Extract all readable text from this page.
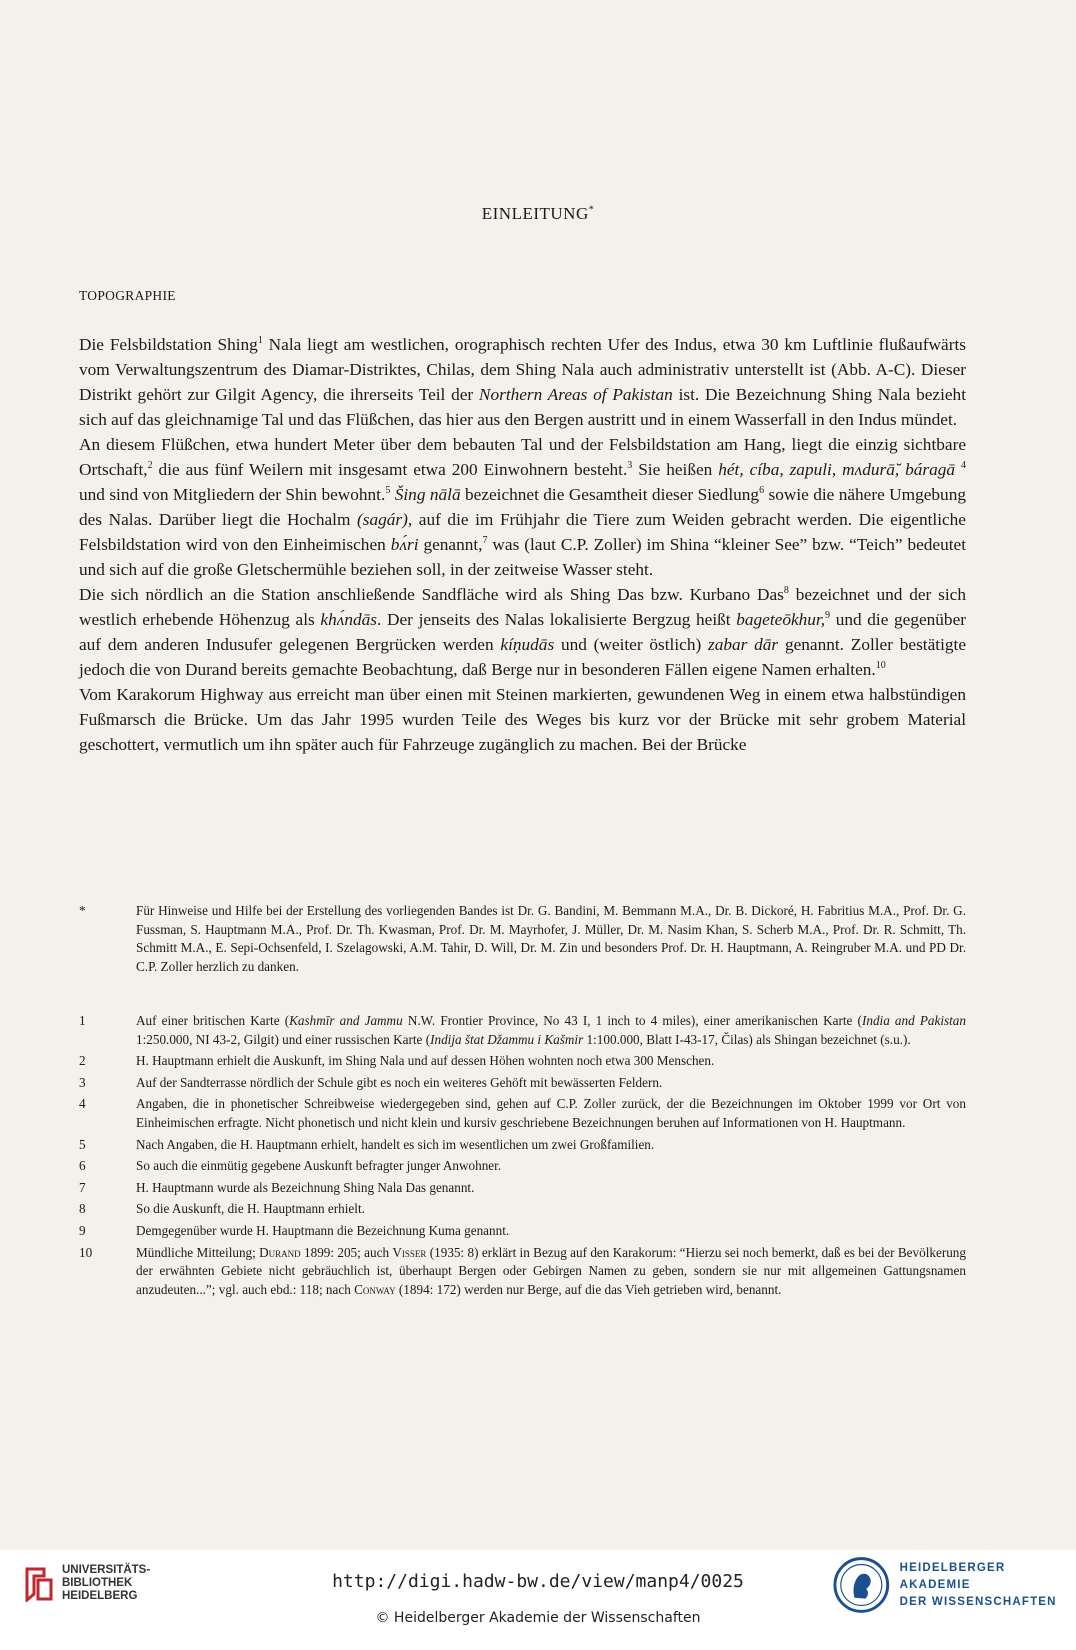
EINLEITUNG*
TOPOGRAPHIE

Die Felsbildstation Shing$^1$ Nala liegt am westlichen, orographisch rechten Ufer des Indus, etwa 30 km Luftlinie flußaufwärts vom Verwaltungszentrum des Diamar-Distriktes, Chilas, dem Shing Nala auch administrativ unterstellt ist (Abb. A-C). Dieser Distrikt gehört zur Gilgit Agency, die ihrerseits Teil der Northern Areas of Pakistan ist. Die Bezeichnung Shing Nala bezieht sich auf das gleichnamige Tal und das Flüßchen, das hier aus den Bergen austritt und in einem Wasserfall in den Indus mündet.

An diesem Flüßchen, etwa hundert Meter über dem bebauten Tal und der Felsbildstation am Hang, liegt die einzig sichtbare Ortschaft,$^2$ die aus fünf Weilern mit insgesamt etwa 200 Einwohnern besteht.$^3$ Sie heißen hét, cíba, zapuli, mʌdurā̆, báragā $^4$ und sind von Mitgliedern der Shin bewohnt.$^5$ Šing nālā bezeichnet die Gesamtheit dieser Siedlung$^6$ sowie die nähere Umgebung des Nalas. Darüber liegt die Hochalm (sagár), auf die im Frühjahr die Tiere zum Weiden gebracht werden. Die eigentliche Felsbildstation wird von den Einheimischen bʌ́ri genannt,$^7$ was (laut C.P. Zoller) im Shina “kleiner See” bzw. “Teich” bedeutet und sich auf die große Gletschermühle beziehen soll, in der zeitweise Wasser steht.

Die sich nördlich an die Station anschließende Sandfläche wird als Shing Das bzw. Kurbano Das$^8$ bezeichnet und der sich westlich erhebende Höhenzug als khʌ́ndās. Der jenseits des Nalas lokalisierte Bergzug heißt bageteōkhur,$^9$ und die gegenüber auf dem anderen Indusufer gelegenen Bergrücken werden kíṇudās und (weiter östlich) zabar dār genannt. Zoller bestätigte jedoch die von Durand bereits gemachte Beobachtung, daß Berge nur in besonderen Fällen eigene Namen erhalten.$^{10}$

Vom Karakorum Highway aus erreicht man über einen mit Steinen markierten, gewundenen Weg in einem etwa halbstündigen Fußmarsch die Brücke. Um das Jahr 1995 wurden Teile des Weges bis kurz vor der Brücke mit sehr grobem Material geschottert, vermutlich um ihn später auch für Fahrzeuge zugänglich zu machen. Bei der Brücke

*	Für Hinweise und Hilfe bei der Erstellung des vorliegenden Bandes ist Dr. G. Bandini, M. Bemmann M.A., Dr. B. Dickoré, H. Fabritius M.A., Prof. Dr. G. Fussman, S. Hauptmann M.A., Prof. Dr. Th. Kwasman, Prof. Dr. M. Mayrhofer, J. Müller, Dr. M. Nasim Khan, S. Scherb M.A., Prof. Dr. R. Schmitt, Th. Schmitt M.A., E. Sepi-Ochsenfeld, I. Szelagowski, A.M. Tahir, D. Will, Dr. M. Zin und besonders Prof. Dr. H. Hauptmann, A. Reingruber M.A. und PD Dr. C.P. Zoller herzlich zu danken.
1	Auf einer britischen Karte (Kashmīr and Jammu N.W. Frontier Province, No 43 I, 1 inch to 4 miles), einer amerikanischen Karte (India and Pakistan 1:250.000, NI 43-2, Gilgit) und einer russischen Karte (Indija štat Džammu i Kašmir 1:100.000, Blatt I-43-17, Čilas) als Shingan bezeichnet (s.u.).
2	H. Hauptmann erhielt die Auskunft, im Shing Nala und auf dessen Höhen wohnten noch etwa 300 Menschen.
3	Auf der Sandterrasse nördlich der Schule gibt es noch ein weiteres Gehöft mit bewässerten Feldern.
4	Angaben, die in phonetischer Schreibweise wiedergegeben sind, gehen auf C.P. Zoller zurück, der die Bezeichnungen im Oktober 1999 vor Ort von Einheimischen erfragte. Nicht phonetisch und nicht klein und kursiv geschriebene Bezeichnungen beruhen auf Informationen von H. Hauptmann.
5	Nach Angaben, die H. Hauptmann erhielt, handelt es sich im wesentlichen um zwei Großfamilien.
6	So auch die einmütig gegebene Auskunft befragter junger Anwohner.
7	H. Hauptmann wurde als Bezeichnung Shing Nala Das genannt.
8	So die Auskunft, die H. Hauptmann erhielt.
9	Demgegenüber wurde H. Hauptmann die Bezeichnung Kuma genannt.
10	Mündliche Mitteilung; Durand 1899: 205; auch Visser (1935: 8) erklärt in Bezug auf den Karakorum: “Hierzu sei noch bemerkt, daß es bei der Bevölkerung der erwähnten Gebiete nicht gebräuchlich ist, überhaupt Bergen oder Gebirgen Namen zu geben, sondern sie nur mit allgemeinen Gattungsnamen anzudeuten...”; vgl. auch ebd.: 118; nach Conway (1894: 172) werden nur Berge, auf die das Vieh getrieben wird, benannt.
UNIVERSITÄTS-
BIBLIOTHEK
HEIDELBERG
http://digi.hadw-bw.de/view/manp4/0025
© Heidelberger Akademie der Wissenschaften
HEIDELBERGER AKADEMIE
DER WISSENSCHAFTEN
